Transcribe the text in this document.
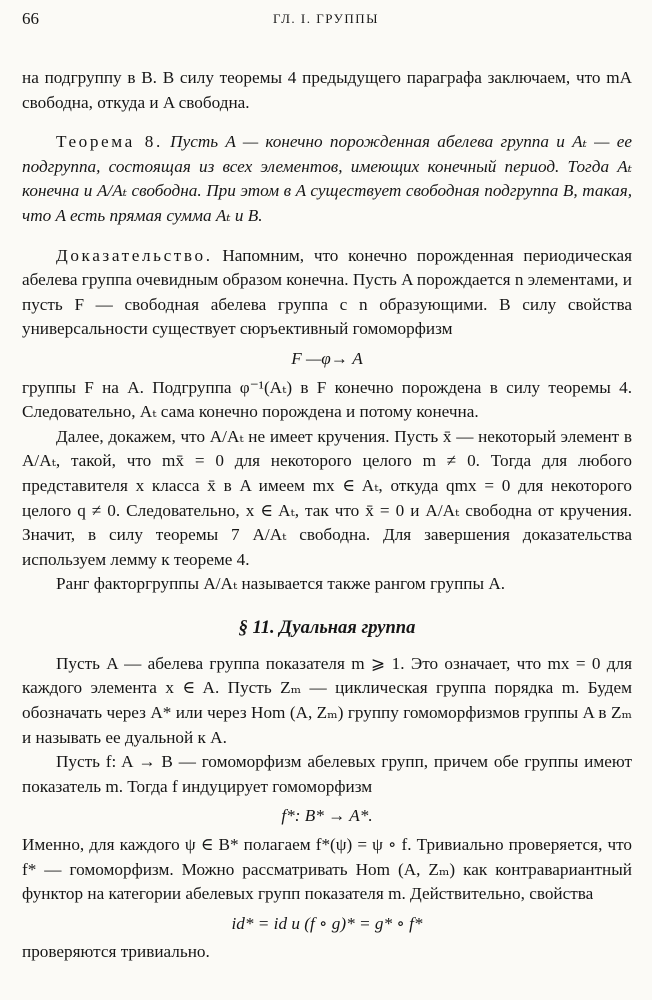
66	ГЛ. I. ГРУППЫ

на подгруппу в B. В силу теоремы 4 предыдущего параграфа заключаем, что mA свободна, откуда и A свободна.

Теорема 8. Пусть A — конечно порожденная абелева группа и Aₜ — ее подгруппа, состоящая из всех элементов, имеющих конечный период. Тогда Aₜ конечна и A/Aₜ свободна. При этом в A существует свободная подгруппа B, такая, что A есть прямая сумма Aₜ и B.

Доказательство. Напомним, что конечно порожденная периодическая абелева группа очевидным образом конечна. Пусть A порождается n элементами, и пусть F — свободная абелева группа с n образующими. В силу свойства универсальности существует сюръективный гомоморфизм

F —φ→ A

группы F на A. Подгруппа φ⁻¹(Aₜ) в F конечно порождена в силу теоремы 4. Следовательно, Aₜ сама конечно порождена и потому конечна.

Далее, докажем, что A/Aₜ не имеет кручения. Пусть x̄ — некоторый элемент в A/Aₜ, такой, что mx̄ = 0 для некоторого целого m ≠ 0. Тогда для любого представителя x класса x̄ в A имеем mx ∈ Aₜ, откуда qmx = 0 для некоторого целого q ≠ 0. Следовательно, x ∈ Aₜ, так что x̄ = 0 и A/Aₜ свободна от кручения. Значит, в силу теоремы 7 A/Aₜ свободна. Для завершения доказательства используем лемму к теореме 4.

Ранг факторгруппы A/Aₜ называется также рангом группы A.

§ 11. Дуальная группа

Пусть A — абелева группа показателя m ⩾ 1. Это означает, что mx = 0 для каждого элемента x ∈ A. Пусть Zₘ — циклическая группа порядка m. Будем обозначать через A* или через Hom (A, Zₘ) группу гомоморфизмов группы A в Zₘ и называть ее дуальной к A.

Пусть f: A → B — гомоморфизм абелевых групп, причем обе группы имеют показатель m. Тогда f индуцирует гомоморфизм

f*: B* → A*.

Именно, для каждого ψ ∈ B* полагаем f*(ψ) = ψ ∘ f. Тривиально проверяется, что f* — гомоморфизм. Можно рассматривать Hom (A, Zₘ) как контравариантный функтор на категории абелевых групп показателя m. Действительно, свойства

id* = id и (f ∘ g)* = g* ∘ f*

проверяются тривиально.
